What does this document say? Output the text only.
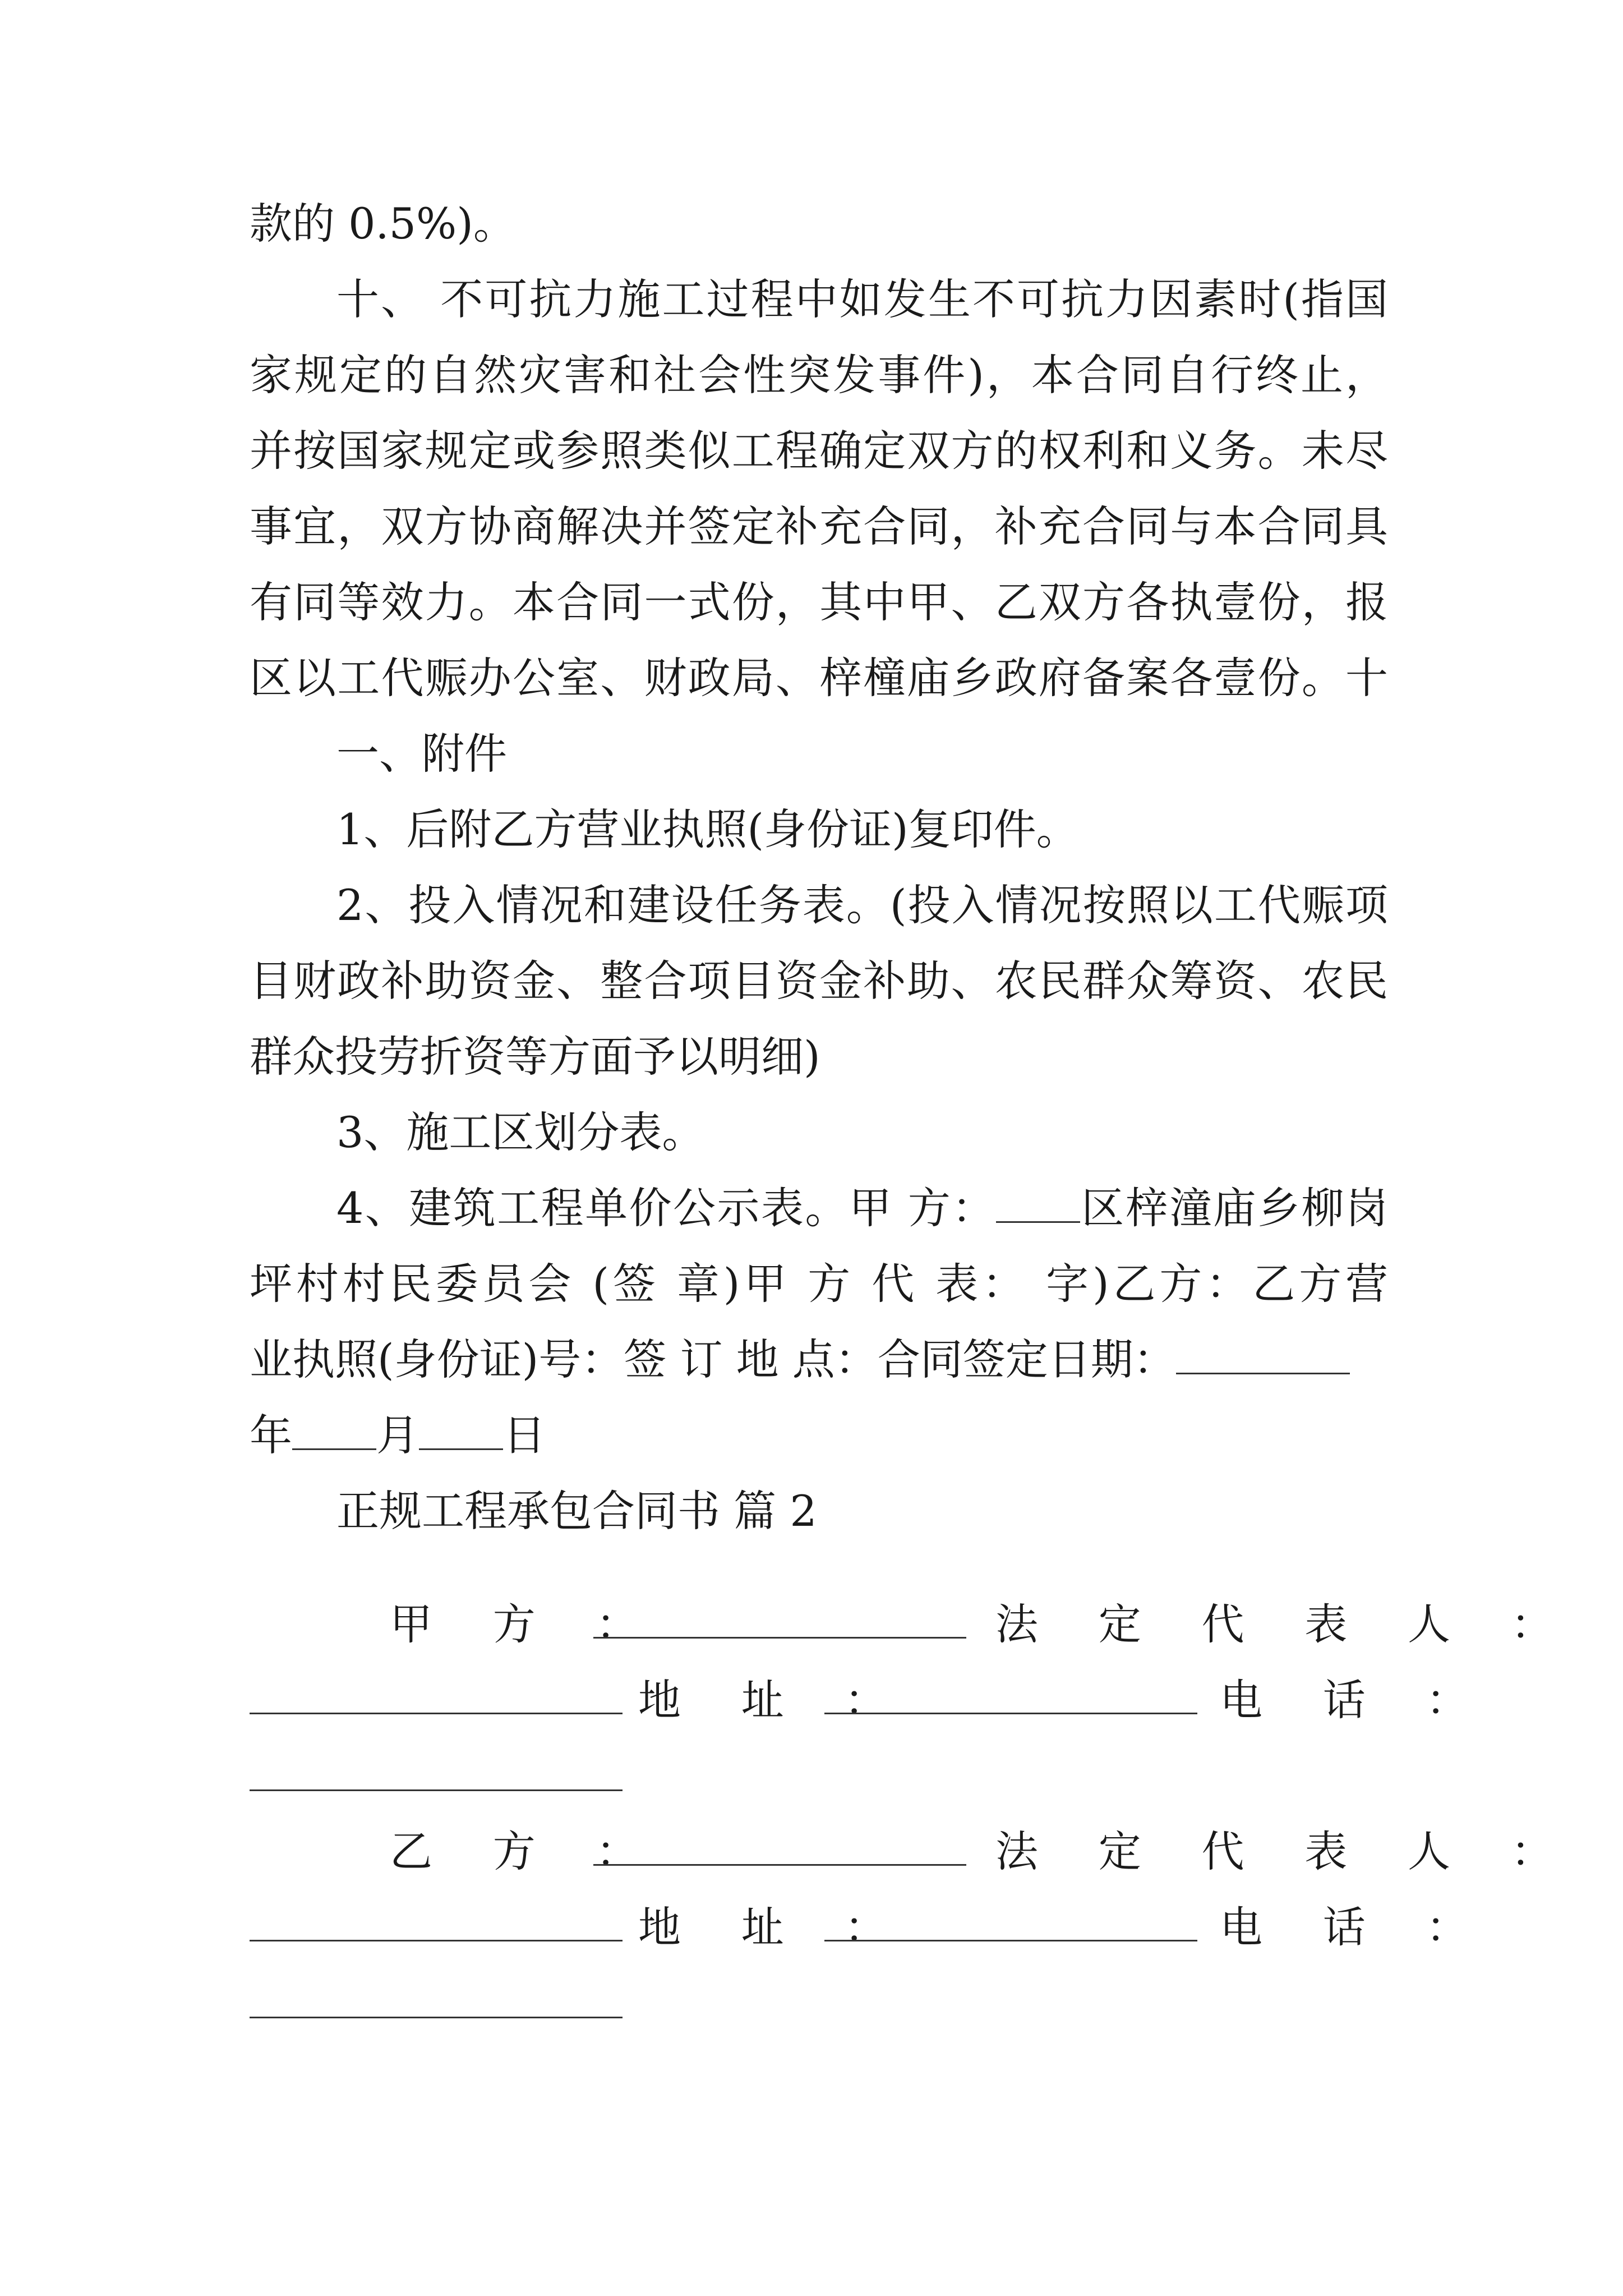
款的 0.5%)。
十、 不可抗力施工过程中如发生不可抗力因素时(指国
家规定的自然灾害和社会性突发事件)，本合同自行终止，
并按国家规定或参照类似工程确定双方的权利和义务。未尽
事宜，双方协商解决并签定补充合同，补充合同与本合同具
有同等效力。本合同一式份，其中甲、乙双方各执壹份，报
区以工代赈办公室、财政局、梓橦庙乡政府备案各壹份。十
一、附件
1、后附乙方营业执照(身份证)复印件。
2、投入情况和建设任务表。(投入情况按照以工代赈项
目财政补助资金、整合项目资金补助、农民群众筹资、农民
群众投劳折资等方面予以明细)
3、施工区划分表。
4、建筑工程单价公示表。甲 方： 区梓潼庙乡柳岗
坪村村民委员会 (签 章)甲 方 代 表： 字)乙方：乙方营
业执照(身份证)号：签 订 地 点：合同签定日期：
年 月 日
正规工程承包合同书 篇 2
甲 方 ：	法 定 代 表 人 ：
地 址 ：	电 话 ：
乙 方 ：	法 定 代 表 人 ：
地 址 ：	电 话 ：
